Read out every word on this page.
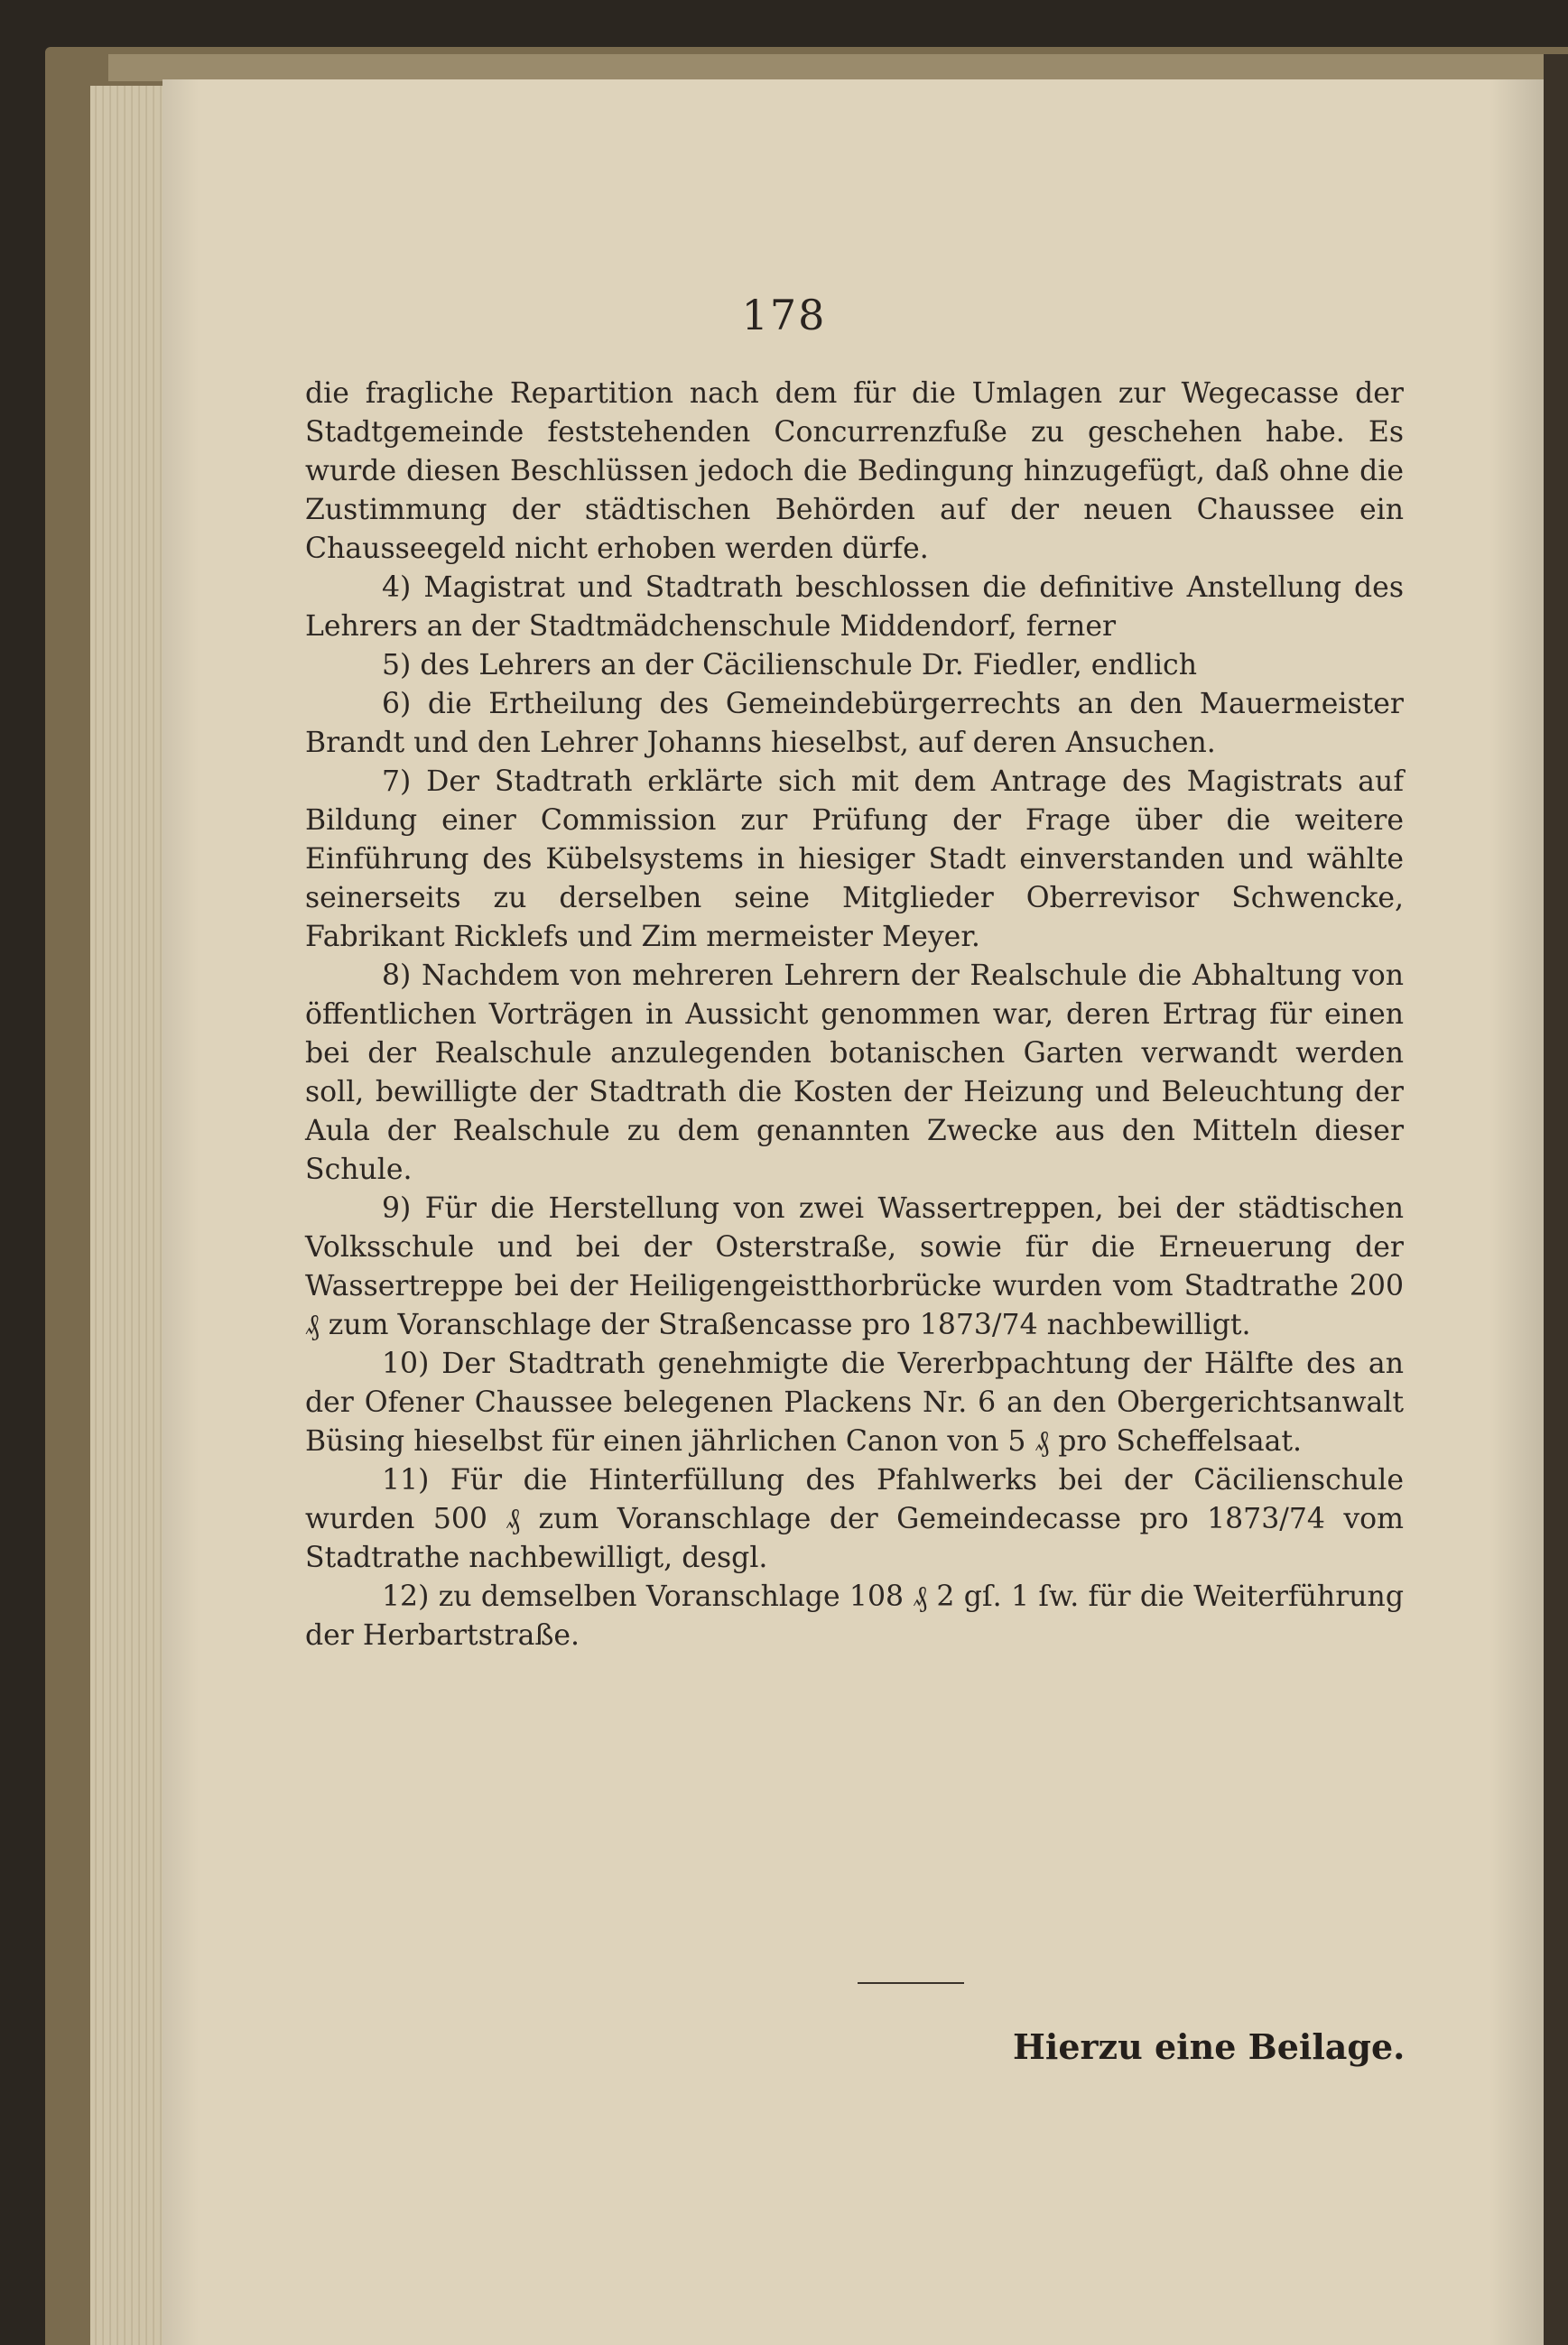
178

die fragliche Repartition nach dem für die Umlagen zur Wegecasse der Stadtgemeinde feststehenden Concurrenzfuße zu geschehen habe. Es wurde diesen Beschlüssen jedoch die Bedingung hinzugefügt, daß ohne die Zustimmung der städtischen Behörden auf der neuen Chaussee ein Chausseegeld nicht erhoben werden dürfe.

4) Magistrat und Stadtrath beschlossen die definitive Anstellung des Lehrers an der Stadtmädchenschule Middendorf, ferner

5) des Lehrers an der Cäcilienschule Dr. Fiedler, endlich

6) die Ertheilung des Gemeindebürgerrechts an den Mauermeister Brandt und den Lehrer Johanns hieselbst, auf deren Ansuchen.

7) Der Stadtrath erklärte sich mit dem Antrage des Magistrats auf Bildung einer Commission zur Prüfung der Frage über die weitere Einführung des Kübelsystems in hiesiger Stadt einverstanden und wählte seinerseits zu derselben seine Mitglieder Oberrevisor Schwencke, Fabrikant Ricklefs und Zim mermeister Meyer.

8) Nachdem von mehreren Lehrern der Realschule die Abhaltung von öffentlichen Vorträgen in Aussicht genommen war, deren Ertrag für einen bei der Realschule anzulegenden botanischen Garten verwandt werden soll, bewilligte der Stadtrath die Kosten der Heizung und Beleuchtung der Aula der Realschule zu dem genannten Zwecke aus den Mitteln dieser Schule.

9) Für die Herstellung von zwei Wassertreppen, bei der städtischen Volksschule und bei der Osterstraße, sowie für die Erneuerung der Wassertreppe bei der Heiligengeistthorbrücke wurden vom Stadtrathe 200 ₰ zum Voranschlage der Straßencasse pro 1873/74 nachbewilligt.

10) Der Stadtrath genehmigte die Vererbpachtung der Hälfte des an der Ofener Chaussee belegenen Plackens Nr. 6 an den Obergerichtsanwalt Büsing hieselbst für einen jährlichen Canon von 5 ₰ pro Scheffelsaat.

11) Für die Hinterfüllung des Pfahlwerks bei der Cäcilienschule wurden 500 ₰ zum Voranschlage der Gemeindecasse pro 1873/74 vom Stadtrathe nachbewilligt, desgl.

12) zu demselben Voranschlage 108 ₰ 2 gſ. 1 ſw. für die Weiterführung der Herbartstraße.

Hierzu eine Beilage.
